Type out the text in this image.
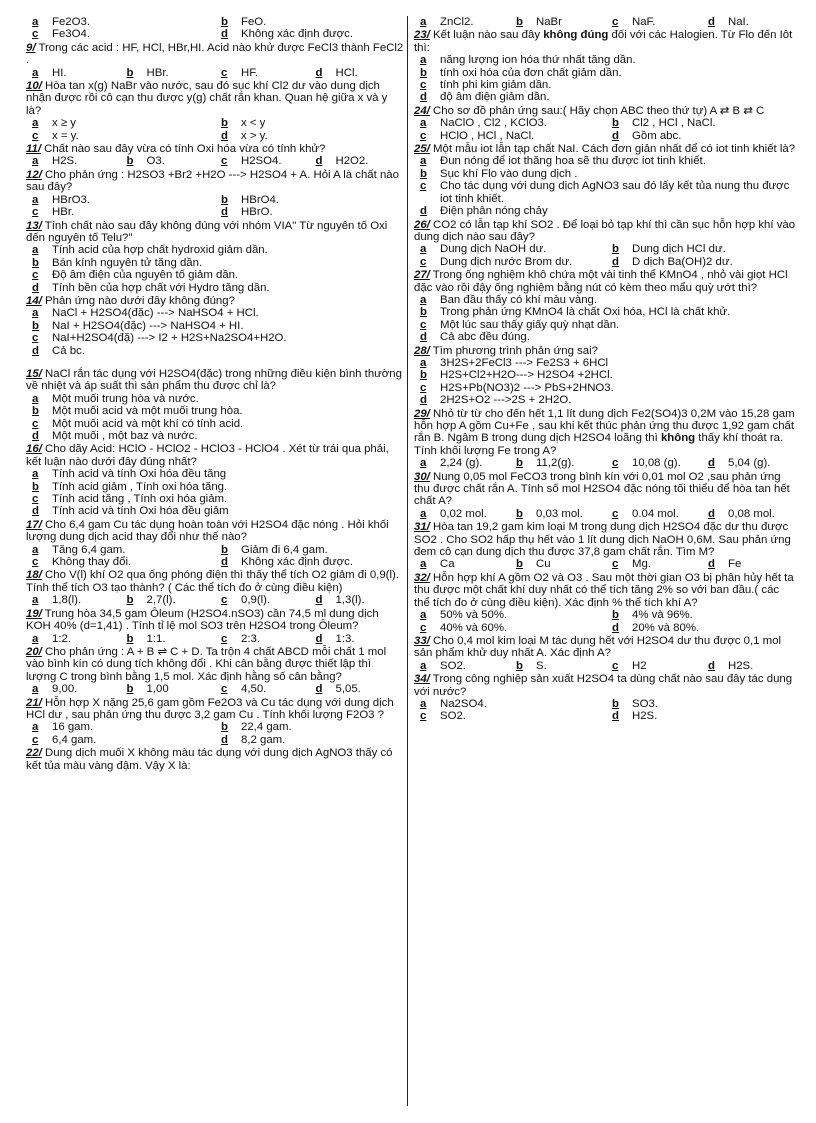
a	Fe2O3.	b	FeO.
c	Fe3O4.	d	Không xác định được.

9/ Trong các acid : HF, HCl, HBr,HI. Acid nào khử được FeCl3 thành FeCl2 .

a	HI.	b	HBr.	c	HF.	d	HCl.

10/ Hòa tan x(g) NaBr vào nước, sau đó sục khí Cl2 dư vào dung dịch nhận được rồi cô cạn thu được y(g) chất rắn khan. Quan hệ giữa x và y là?

a	x ≥ y	b	x < y
c	x = y.	d	x > y.

11/ Chất nào sau đây vừa có tính Oxi hóa vừa có tính khử?

a	H2S.	b	O3.	c	H2SO4.	d	H2O2.

12/ Cho phản ứng : H2SO3 +Br2 +H2O ---> H2SO4 + A. Hỏi A là chất nào sau đây?

a	HBrO3.	b	HBrO4.
c	HBr.	d	HBrO.

13/ Tính chất nào sau đây không đúng với nhóm VIA" Từ nguyên tố Oxi đến nguyên tố Telu?"

a	Tính acid của hợp chất hydroxid giảm dần.
b	Bán kính nguyên tử tăng dần.
c	Độ âm điện của nguyên tố giảm dần.
d	Tính bền của hợp chất với Hydro tăng dần.

14/ Phản ứng nào dưới đây không đúng?

a	NaCl + H2SO4(đặc) ---> NaHSO4 + HCl.
b	NaI + H2SO4(đặc) ---> NaHSO4 + HI.
c	NaI+H2SO4(đặ) ---> I2 + H2S+Na2SO4+H2O.
d	Cả bc.

15/ NaCl rắn tác dụng với H2SO4(đặc) trong những điều kiện bình thường về nhiệt và áp suất thì sản phẩm thu được chỉ là?

a	Một muối trung hòa và nước.
b	Một muối acid và một muối trung hòa.
c	Một muối acid và một khí có tính acid.
d	Một muối , một baz và nước.

16/ Cho dãy Acid: HClO - HClO2 - HClO3 - HClO4 . Xét từ trái qua phải, kết luận nào dưới đây đúng nhất?

a	Tính acid và tính Oxi hóa đều tăng
b	Tính acid giảm , Tính oxi hóa tăng.
c	Tính acid tăng , Tính oxi hóa giảm.
d	Tính acid và tính Oxi hóa đều giảm

17/ Cho 6,4 gam Cu tác dụng hoàn toàn với H2SO4 đặc nóng . Hỏi khối lượng dung dịch acid thay đổi như thế nào?

a	Tăng 6,4 gam.	b	Giảm đi 6,4 gam.
c	Không thay đổi.	d	Không xác định được.

18/ Cho V(l) khí O2 qua ống phóng điện thì thấy thể tích O2 giảm đi 0,9(l). Tính thể tích O3 tạo thành? ( Các thể tích đo ở cùng điều kiện)

a	1,8(l).	b	2,7(l).	c	0,9(l).	d	1,3(l).

19/ Trung hòa 34,5 gam Ôleum (H2SO4.nSO3) cần 74,5 ml dung dịch KOH 40% (d=1,41) . Tính tỉ lệ mol SO3 trên H2SO4 trong Ôleum?

a	1:2.	b	1:1.	c	2:3.	d	1:3.

20/ Cho phản ứng : A + B ⇌ C + D. Ta trộn 4 chất ABCD mỗi chất 1 mol vào bình kín có dung tích không đổi . Khi cân bằng được thiết lập thì lượng C trong bình bằng 1,5 mol. Xác định hằng số cân bằng?

a	9,00.	b	1,00	c	4,50.	d	5,05.

21/ Hỗn hợp X nặng 25,6 gam gồm Fe2O3 và Cu tác dụng với dung dịch HCl dư , sau phản ứng thu được 3,2 gam Cu . Tính khối lượng F2O3 ?

a	16 gam.	b	22,4 gam.
c	6,4 gam.	d	8,2 gam.

22/ Dung dịch muối X không màu tác dụng với dung dịch AgNO3 thấy có kết tủa màu vàng đậm. Vậy X là:

a	ZnCl2.	b	NaBr	c	NaF.	d	NaI.

23/ Kết luận nào sau đây không đúng đối với các Halogien. Từ Flo đến Iôt thì:

a	năng lượng ion hóa thứ nhất tăng dần.
b	tính oxi hóa của đơn chất giảm dần.
c	tính phi kim giảm dần.
d	độ âm điện giảm dần.

24/ Cho sơ đồ phản ứng sau:( Hãy chọn ABC theo thứ tự) A ⇄ B ⇄ C

a	NaClO , Cl2 , KClO3.	b	Cl2 , HCl , NaCl.
c	HClO , HCl , NaCl.	d	Gồm abc.

25/ Một mẫu iot lẫn tạp chất NaI. Cách đơn giản nhất để có iot tinh khiết là?

a	Đun nóng để iot thăng hoa sẽ thu được iot tinh khiết.
b	Sục khí Flo vào dung dịch .
c	Cho tác dụng với dung dịch AgNO3 sau đó lấy kết tủa nung thu được iot tinh khiết.
d	Điện phân nóng chảy

26/ CO2 có lẫn tạp khí SO2 . Để loại bỏ tạp khí thì cần sục hỗn hợp khí vào dung dịch nào sau đây?

a	Dung dịch NaOH dư.	b	Dung dịch HCl dư.
c	Dung dịch nước Brom dư.	d	D dịch Ba(OH)2 dư.

27/ Trong ống nghiệm khô chứa một vài tinh thể KMnO4 , nhỏ vài giọt HCl đặc vào rồi đậy ống nghiệm bằng nút có kèm theo mẩu quỳ ướt thì?

a	Ban đầu thấy có khí màu vàng.
b	Trong phản ứng KMnO4 là chất Oxi hóa, HCl là chất khử.
c	Một lúc sau thấy giấy quỳ nhạt dần.
d	Cả abc đều đúng.

28/ Tìm phương trình phản ứng sai?

a	3H2S+2FeCl3 ---> Fe2S3 + 6HCl
b	H2S+Cl2+H2O---> H2SO4 +2HCl.
c	H2S+Pb(NO3)2 ---> PbS+2HNO3.
d	2H2S+O2 --->2S + 2H2O.

29/ Nhỏ từ từ cho đến hết 1,1 lít dung dịch Fe2(SO4)3 0,2M vào 15,28 gam hỗn hợp A gồm Cu+Fe , sau khi kết thúc phản ứng thu được 1,92 gam chất rắn B. Ngâm B trong dung dịch H2SO4 loãng thì không thấy khí thoát ra. Tính khối lượng Fe trong A?

a	2,24 (g).	b	11,2(g).	c	10,08 (g).	d	5,04 (g).

30/ Nung 0,05 mol FeCO3 trong bình kín với 0,01 mol O2 ,sau phản ứng thu được chất rắn A. Tính số mol H2SO4 đặc nóng tối thiểu để hòa tan hết chất A?

a	0,02 mol.	b	0,03 mol.	c	0.04 mol.	d	0,08 mol.

31/ Hòa tan 19,2 gam kim loại M trong dung dịch H2SO4 đặc dư thu được SO2 . Cho SO2 hấp thụ hết vào 1 lít dung dịch NaOH 0,6M. Sau phản ứng đem cô cạn dung dịch thu được 37,8 gam chất rắn. Tìm M?

a	Ca	b	Cu	c	Mg.	d	Fe

32/ Hỗn hợp khí A gồm O2 và O3 . Sau một thời gian O3 bị phân hủy hết ta thu được một chất khí duy nhất có thể tích tăng 2% so với ban đầu.( các thể tích đo ở cùng điều kiện). Xác định % thể tích khí A?

a	50% và 50%.	b	4% và 96%.
c	40% và 60%.	d	20% và 80%.

33/ Cho 0,4 mol kim loại M tác dụng hết với H2SO4 dư thu được 0,1 mol sản phẩm khử duy nhất A. Xác định A?

a	SO2.	b	S.	c	H2	d	H2S.

34/ Trong công nghiệp sản xuất H2SO4 ta dùng chất nào sau đây tác dụng với nước?

a	Na2SO4.	b	SO3.
c	SO2.	d	H2S.
